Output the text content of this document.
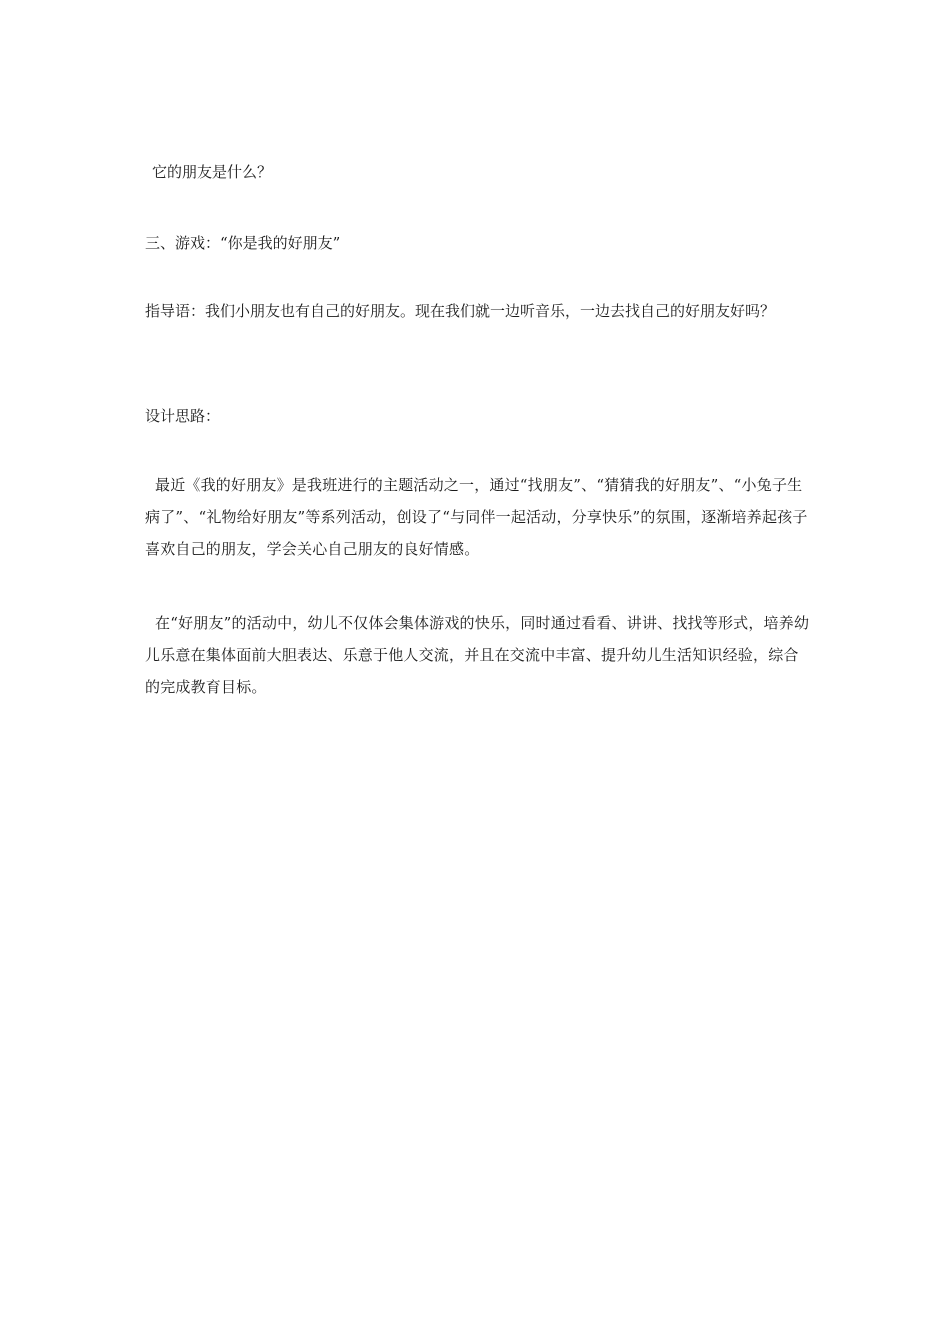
它的朋友是什么？
三、游戏：“你是我的好朋友”
指导语：我们小朋友也有自己的好朋友。现在我们就一边听音乐，一边去找自己的好朋友好吗？
设计思路：
最近《我的好朋友》是我班进行的主题活动之一，通过“找朋友”、“猜猜我的好朋友”、“小兔子生病了”、“礼物给好朋友”等系列活动，创设了“与同伴一起活动，分享快乐”的氛围，逐渐培养起孩子喜欢自己的朋友，学会关心自己朋友的良好情感。
在“好朋友”的活动中，幼儿不仅体会集体游戏的快乐，同时通过看看、讲讲、找找等形式，培养幼儿乐意在集体面前大胆表达、乐意于他人交流，并且在交流中丰富、提升幼儿生活知识经验，综合的完成教育目标。
